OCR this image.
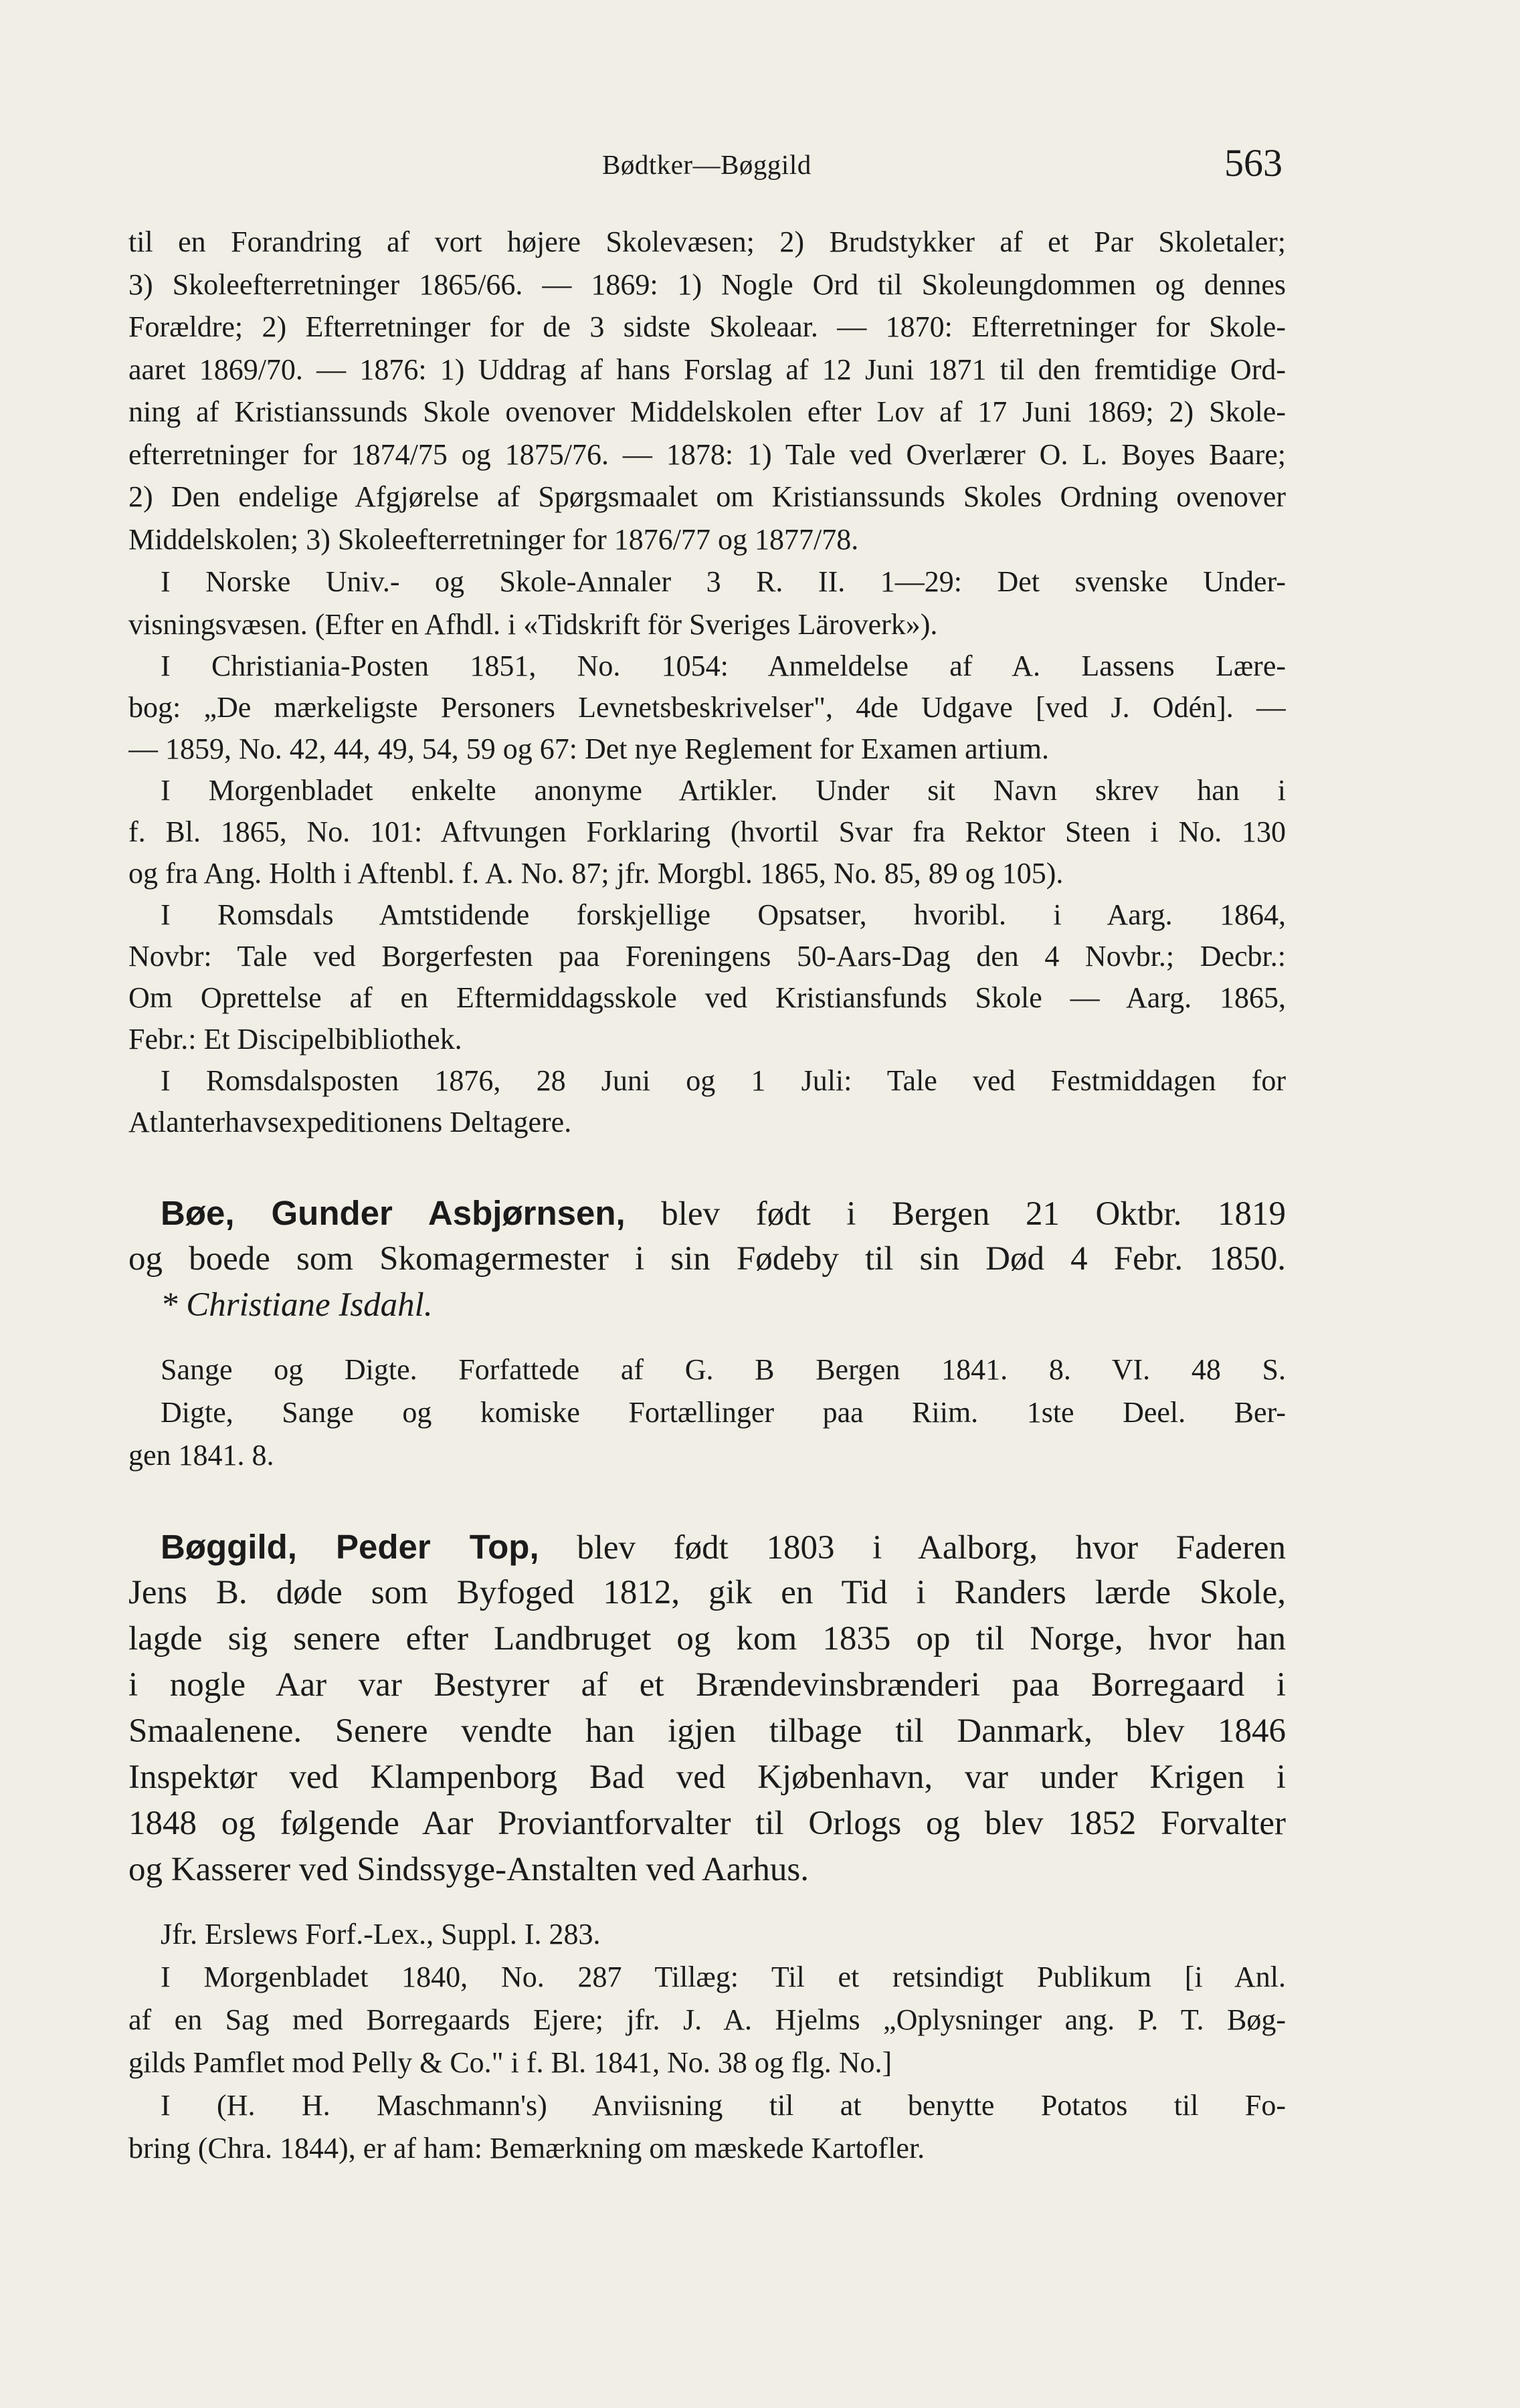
Bødtker—Bøggild	563
til en Forandring af vort højere Skolevæsen; 2) Brudstykker af et Par Skoletaler;
3) Skoleefterretninger 1865/66. — 1869: 1) Nogle Ord til Skoleungdommen og dennes
Forældre; 2) Efterretninger for de 3 sidste Skoleaar. — 1870: Efterretninger for Skole-
aaret 1869/70. — 1876: 1) Uddrag af hans Forslag af 12 Juni 1871 til den fremtidige Ord-
ning af Kristianssunds Skole ovenover Middelskolen efter Lov af 17 Juni 1869; 2) Skole-
efterretninger for 1874/75 og 1875/76. — 1878: 1) Tale ved Overlærer O. L. Boyes Baare;
2) Den endelige Afgjørelse af Spørgsmaalet om Kristianssunds Skoles Ordning ovenover
Middelskolen; 3) Skoleefterretninger for 1876/77 og 1877/78.
I Norske Univ.- og Skole-Annaler 3 R. II. 1—29: Det svenske Under-
visningsvæsen. (Efter en Afhdl. i «Tidskrift för Sveriges Läroverk»).
I Christiania-Posten 1851, No. 1054: Anmeldelse af A. Lassens Lære-
bog: „De mærkeligste Personers Levnetsbeskrivelser", 4de Udgave [ved J. Odén]. —
— 1859, No. 42, 44, 49, 54, 59 og 67: Det nye Reglement for Examen artium.
I Morgenbladet enkelte anonyme Artikler. Under sit Navn skrev han i
f. Bl. 1865, No. 101: Aftvungen Forklaring (hvortil Svar fra Rektor Steen i No. 130
og fra Ang. Holth i Aftenbl. f. A. No. 87; jfr. Morgbl. 1865, No. 85, 89 og 105).
I Romsdals Amtstidende forskjellige Opsatser, hvoribl. i Aarg. 1864,
Novbr: Tale ved Borgerfesten paa Foreningens 50-Aars-Dag den 4 Novbr.; Decbr.:
Om Oprettelse af en Eftermiddagsskole ved Kristiansfunds Skole — Aarg. 1865,
Febr.: Et Discipelbibliothek.
I Romsdalsposten 1876, 28 Juni og 1 Juli: Tale ved Festmiddagen for
Atlanterhavsexpeditionens Deltagere.
Bøe, Gunder Asbjørnsen, blev født i Bergen 21 Oktbr. 1819
og boede som Skomagermester i sin Fødeby til sin Død 4 Febr. 1850.
* Christiane Isdahl.
Sange og Digte. Forfattede af G. B Bergen 1841. 8. VI. 48 S.
Digte, Sange og komiske Fortællinger paa Riim. 1ste Deel. Ber-
gen 1841. 8.
Bøggild, Peder Top, blev født 1803 i Aalborg, hvor Faderen
Jens B. døde som Byfoged 1812, gik en Tid i Randers lærde Skole,
lagde sig senere efter Landbruget og kom 1835 op til Norge, hvor han
i nogle Aar var Bestyrer af et Brændevinsbrænderi paa Borregaard i
Smaalenene. Senere vendte han igjen tilbage til Danmark, blev 1846
Inspektør ved Klampenborg Bad ved Kjøbenhavn, var under Krigen i
1848 og følgende Aar Proviantforvalter til Orlogs og blev 1852 Forvalter
og Kasserer ved Sindssyge-Anstalten ved Aarhus.
Jfr. Erslews Forf.-Lex., Suppl. I. 283.
I Morgenbladet 1840, No. 287 Tillæg: Til et retsindigt Publikum [i Anl.
af en Sag med Borregaards Ejere; jfr. J. A. Hjelms „Oplysninger ang. P. T. Bøg-
gilds Pamflet mod Pelly & Co." i f. Bl. 1841, No. 38 og flg. No.]
I (H. H. Maschmann's) Anviisning til at benytte Potatos til Fo-
bring (Chra. 1844), er af ham: Bemærkning om mæskede Kartofler.
